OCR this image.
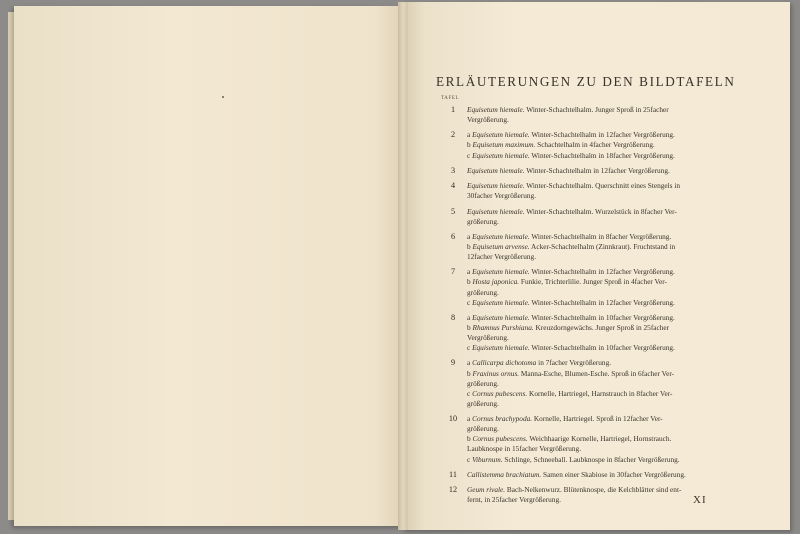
ERLÄUTERUNGEN ZU DEN BILDTAFELN
TAFEL
1	Equisetum hiemale. Winter-Schachtelhalm. Junger Sproß in 25facher
Vergrößerung.
2	a Equisetum hiemale. Winter-Schachtelhalm in 12facher Vergrößerung.
b Equisetum maximum. Schachtelhalm in 4facher Vergrößerung.
c Equisetum hiemale. Winter-Schachtelhalm in 18facher Vergrößerung.
3	Equisetum hiemale. Winter-Schachtelhalm in 12facher Vergrößerung.
4	Equisetum hiemale. Winter-Schachtelhalm. Querschnitt eines Stengels in
30facher Vergrößerung.
5	Equisetum hiemale. Winter-Schachtelhalm. Wurzelstück in 8facher Ver-
größerung.
6	a Equisetum hiemale. Winter-Schachtelhalm in 8facher Vergrößerung.
b Equisetum arvense. Acker-Schachtelhalm (Zinnkraut). Fruchtstand in
12facher Vergrößerung.
7	a Equisetum hiemale. Winter-Schachtelhalm in 12facher Vergrößerung.
b Hosta japonica. Funkie, Trichterlilie. Junger Sproß in 4facher Ver-
größerung.
c Equisetum hiemale. Winter-Schachtelhalm in 12facher Vergrößerung.
8	a Equisetum hiemale. Winter-Schachtelhalm in 10facher Vergrößerung.
b Rhamnus Purshiana. Kreuzdorngewächs. Junger Sproß in 25facher
Vergrößerung.
c Equisetum hiemale. Winter-Schachtelhalm in 10facher Vergrößerung.
9	a Callicarpa dichotoma in 7facher Vergrößerung.
b Fraxinus ornus. Manna-Esche, Blumen-Esche. Sproß in 6facher Ver-
größerung.
c Cornus pubescens. Kornelle, Hartriegel, Harnstrauch in 8facher Ver-
größerung.
10 a Cornus brachypoda. Kornelle, Hartriegel. Sproß in 12facher Ver-
größerung.
b Cornus pubescens. Weichhaarige Kornelle, Hartriegel, Hornstrauch.
Laubknospe in 15facher Vergrößerung.
c Viburnum. Schlinge, Schneeball. Laubknospe in 8facher Vergrößerung.
11 Callistemma brachiatum. Samen einer Skabiose in 30facher Vergrößerung.
12 Geum rivale. Bach-Nelkenwurz. Blütenknospe, die Kelchblätter sind ent-
fernt, in 25facher Vergrößerung.	XI
